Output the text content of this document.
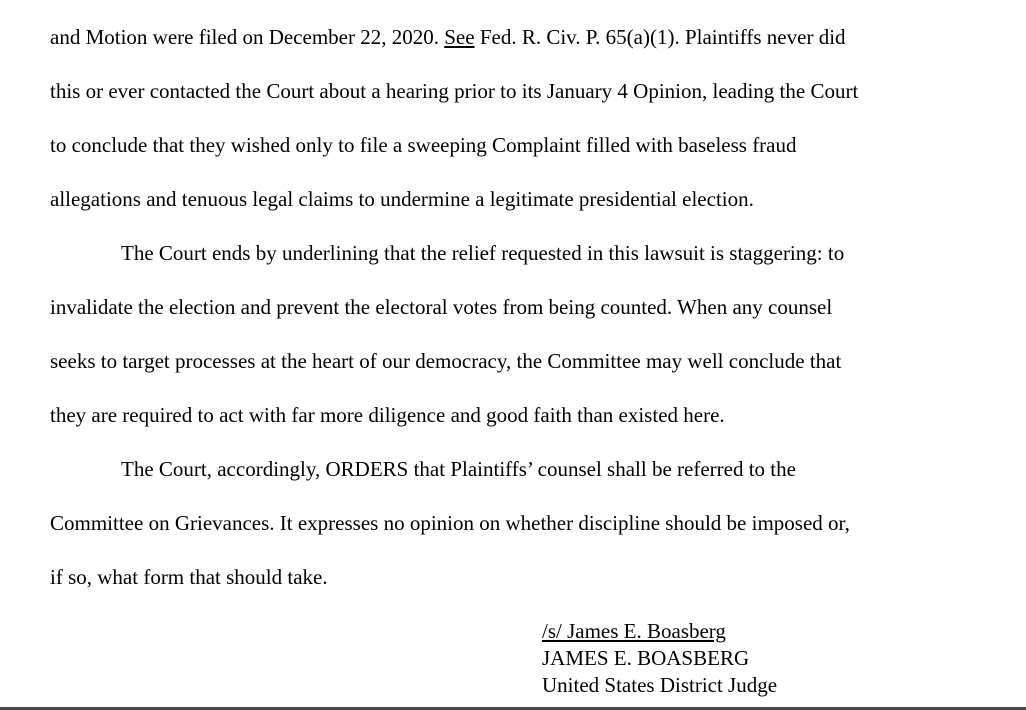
and Motion were filed on December 22, 2020. See Fed. R. Civ. P. 65(a)(1). Plaintiffs never did
this or ever contacted the Court about a hearing prior to its January 4 Opinion, leading the Court
to conclude that they wished only to file a sweeping Complaint filled with baseless fraud
allegations and tenuous legal claims to undermine a legitimate presidential election.
The Court ends by underlining that the relief requested in this lawsuit is staggering: to
invalidate the election and prevent the electoral votes from being counted. When any counsel
seeks to target processes at the heart of our democracy, the Committee may well conclude that
they are required to act with far more diligence and good faith than existed here.
The Court, accordingly, ORDERS that Plaintiffs’ counsel shall be referred to the
Committee on Grievances. It expresses no opinion on whether discipline should be imposed or,
if so, what form that should take.
/s/ James E. Boasberg
JAMES E. BOASBERG
United States District Judge
